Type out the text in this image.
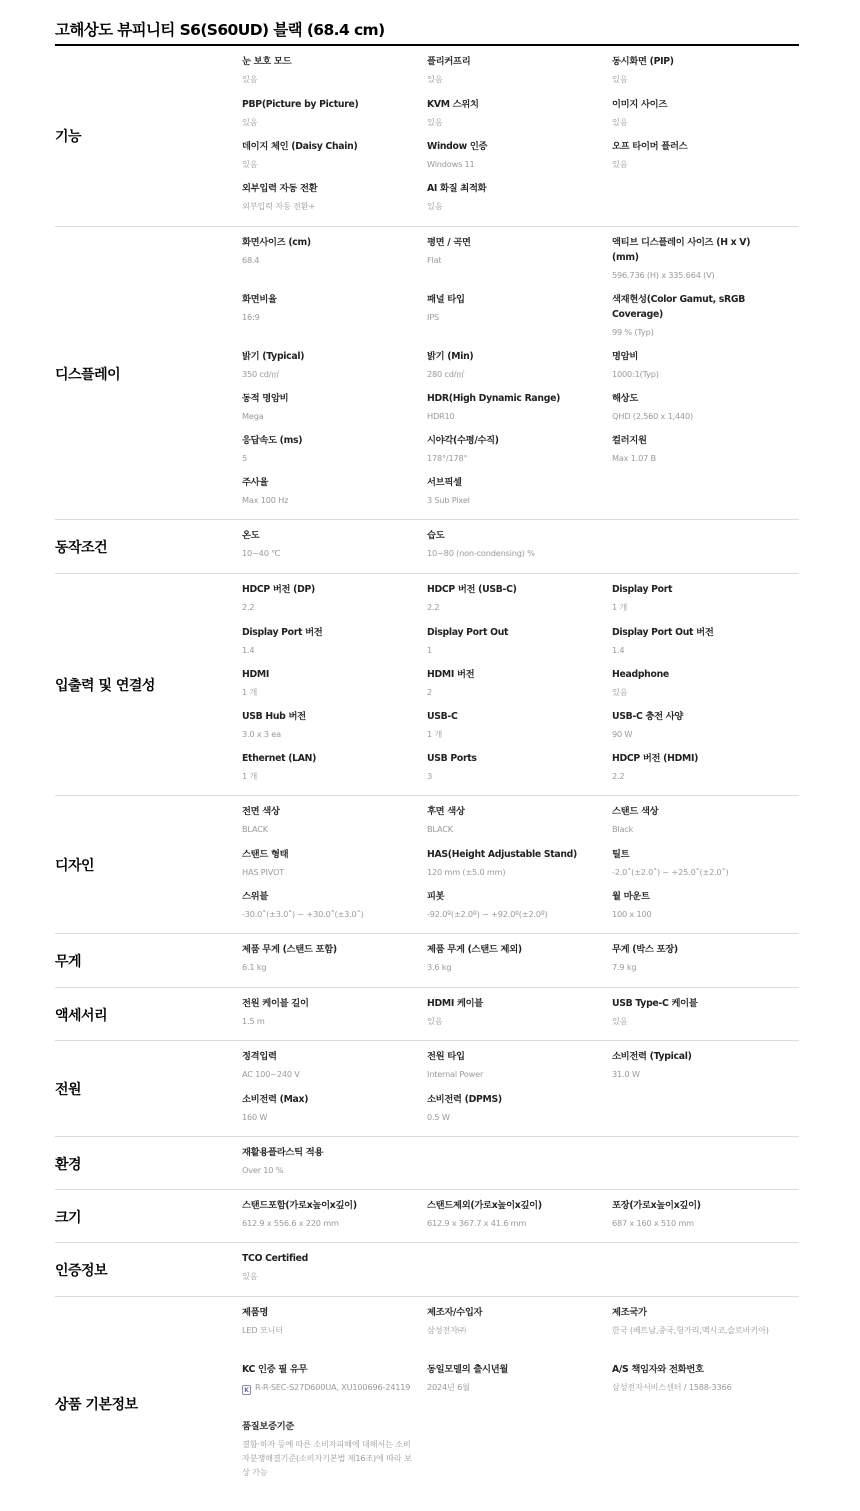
고해상도 뷰피니티 S6(S60UD) 블랙 (68.4 cm)
기능
눈 보호 모드
있음
플리커프리
있음
동시화면 (PIP)
있음
PBP(Picture by Picture)
있음
KVM 스위치
있음
이미지 사이즈
있음
데이지 체인 (Daisy Chain)
있음
Window 인증
Windows 11
오프 타이머 플러스
있음
외부입력 자동 전환
외부입력 자동 전환+
AI 화질 최적화
있음
디스플레이
화면사이즈 (cm)
68.4
평면 / 곡면
Flat
액티브 디스플레이 사이즈 (H x V) (mm)
596.736 (H) x 335.664 (V)
화면비율
16:9
패널 타입
IPS
색재현성(Color Gamut, sRGB Coverage)
99 % (Typ)
밝기 (Typical)
350 cd/㎡
밝기 (Min)
280 cd/㎡
명암비
1000:1(Typ)
동적 명암비
Mega
HDR(High Dynamic Range)
HDR10
해상도
QHD (2,560 x 1,440)
응답속도 (ms)
5
시야각(수평/수직)
178°/178°
컬러지원
Max 1.07 B
주사율
Max 100 Hz
서브픽셀
3 Sub Pixel
동작조건
온도
10~40 ℃
습도
10~80 (non-condensing) %
입출력 및 연결성
HDCP 버전 (DP)
2.2
HDCP 버전 (USB-C)
2.2
Display Port
1 개
Display Port 버전
1.4
Display Port Out
1
Display Port Out 버전
1.4
HDMI
1 개
HDMI 버전
2
Headphone
있음
USB Hub 버전
3.0 x 3 ea
USB-C
1 개
USB-C 충전 사양
90 W
Ethernet (LAN)
1 개
USB Ports
3
HDCP 버전 (HDMI)
2.2
디자인
전면 색상
BLACK
후면 색상
BLACK
스탠드 색상
Black
스탠드 형태
HAS PIVOT
HAS(Height Adjustable Stand)
120 mm (±5.0 mm)
틸트
-2.0˚(±2.0˚) ~ +25.0˚(±2.0˚)
스위블
-30.0˚(±3.0˚) ~ +30.0˚(±3.0˚)
피봇
-92.0º(±2.0º) ~ +92.0º(±2.0º)
월 마운트
100 x 100
무게
제품 무게 (스탠드 포함)
6.1 kg
제품 무게 (스탠드 제외)
3.6 kg
무게 (박스 포장)
7.9 kg
액세서리
전원 케이블 길이
1.5 m
HDMI 케이블
있음
USB Type-C 케이블
있음
전원
정격입력
AC 100~240 V
전원 타입
Internal Power
소비전력 (Typical)
31.0 W
소비전력 (Max)
160 W
소비전력 (DPMS)
0.5 W
환경
재활용플라스틱 적용
Over 10 %
크기
스탠드포함(가로x높이x깊이)
612.9 x 556.6 x 220 mm
스탠드제외(가로x높이x깊이)
612.9 x 367.7 x 41.6 mm
포장(가로x높이x깊이)
687 x 160 x 510 mm
인증정보
TCO Certified
있음
상품 기본정보
제품명
LED 모니터
제조자/수입자
삼성전자㈜
제조국가
한국 (베트남,중국,헝가리,멕시코,슬로바키아)
KC 인증 필 유무
K R-R-SEC-S27D600UA, XU100696-24119
동일모델의 출시년월
2024년 6월
A/S 책임자와 전화번호
삼성전자서비스센터 / 1588-3366
품질보증기준
결함·하자 등에 따른 소비자피해에 대해서는 소비자분쟁해결기준(소비자기본법 제16조)에 따라 보상 가능
